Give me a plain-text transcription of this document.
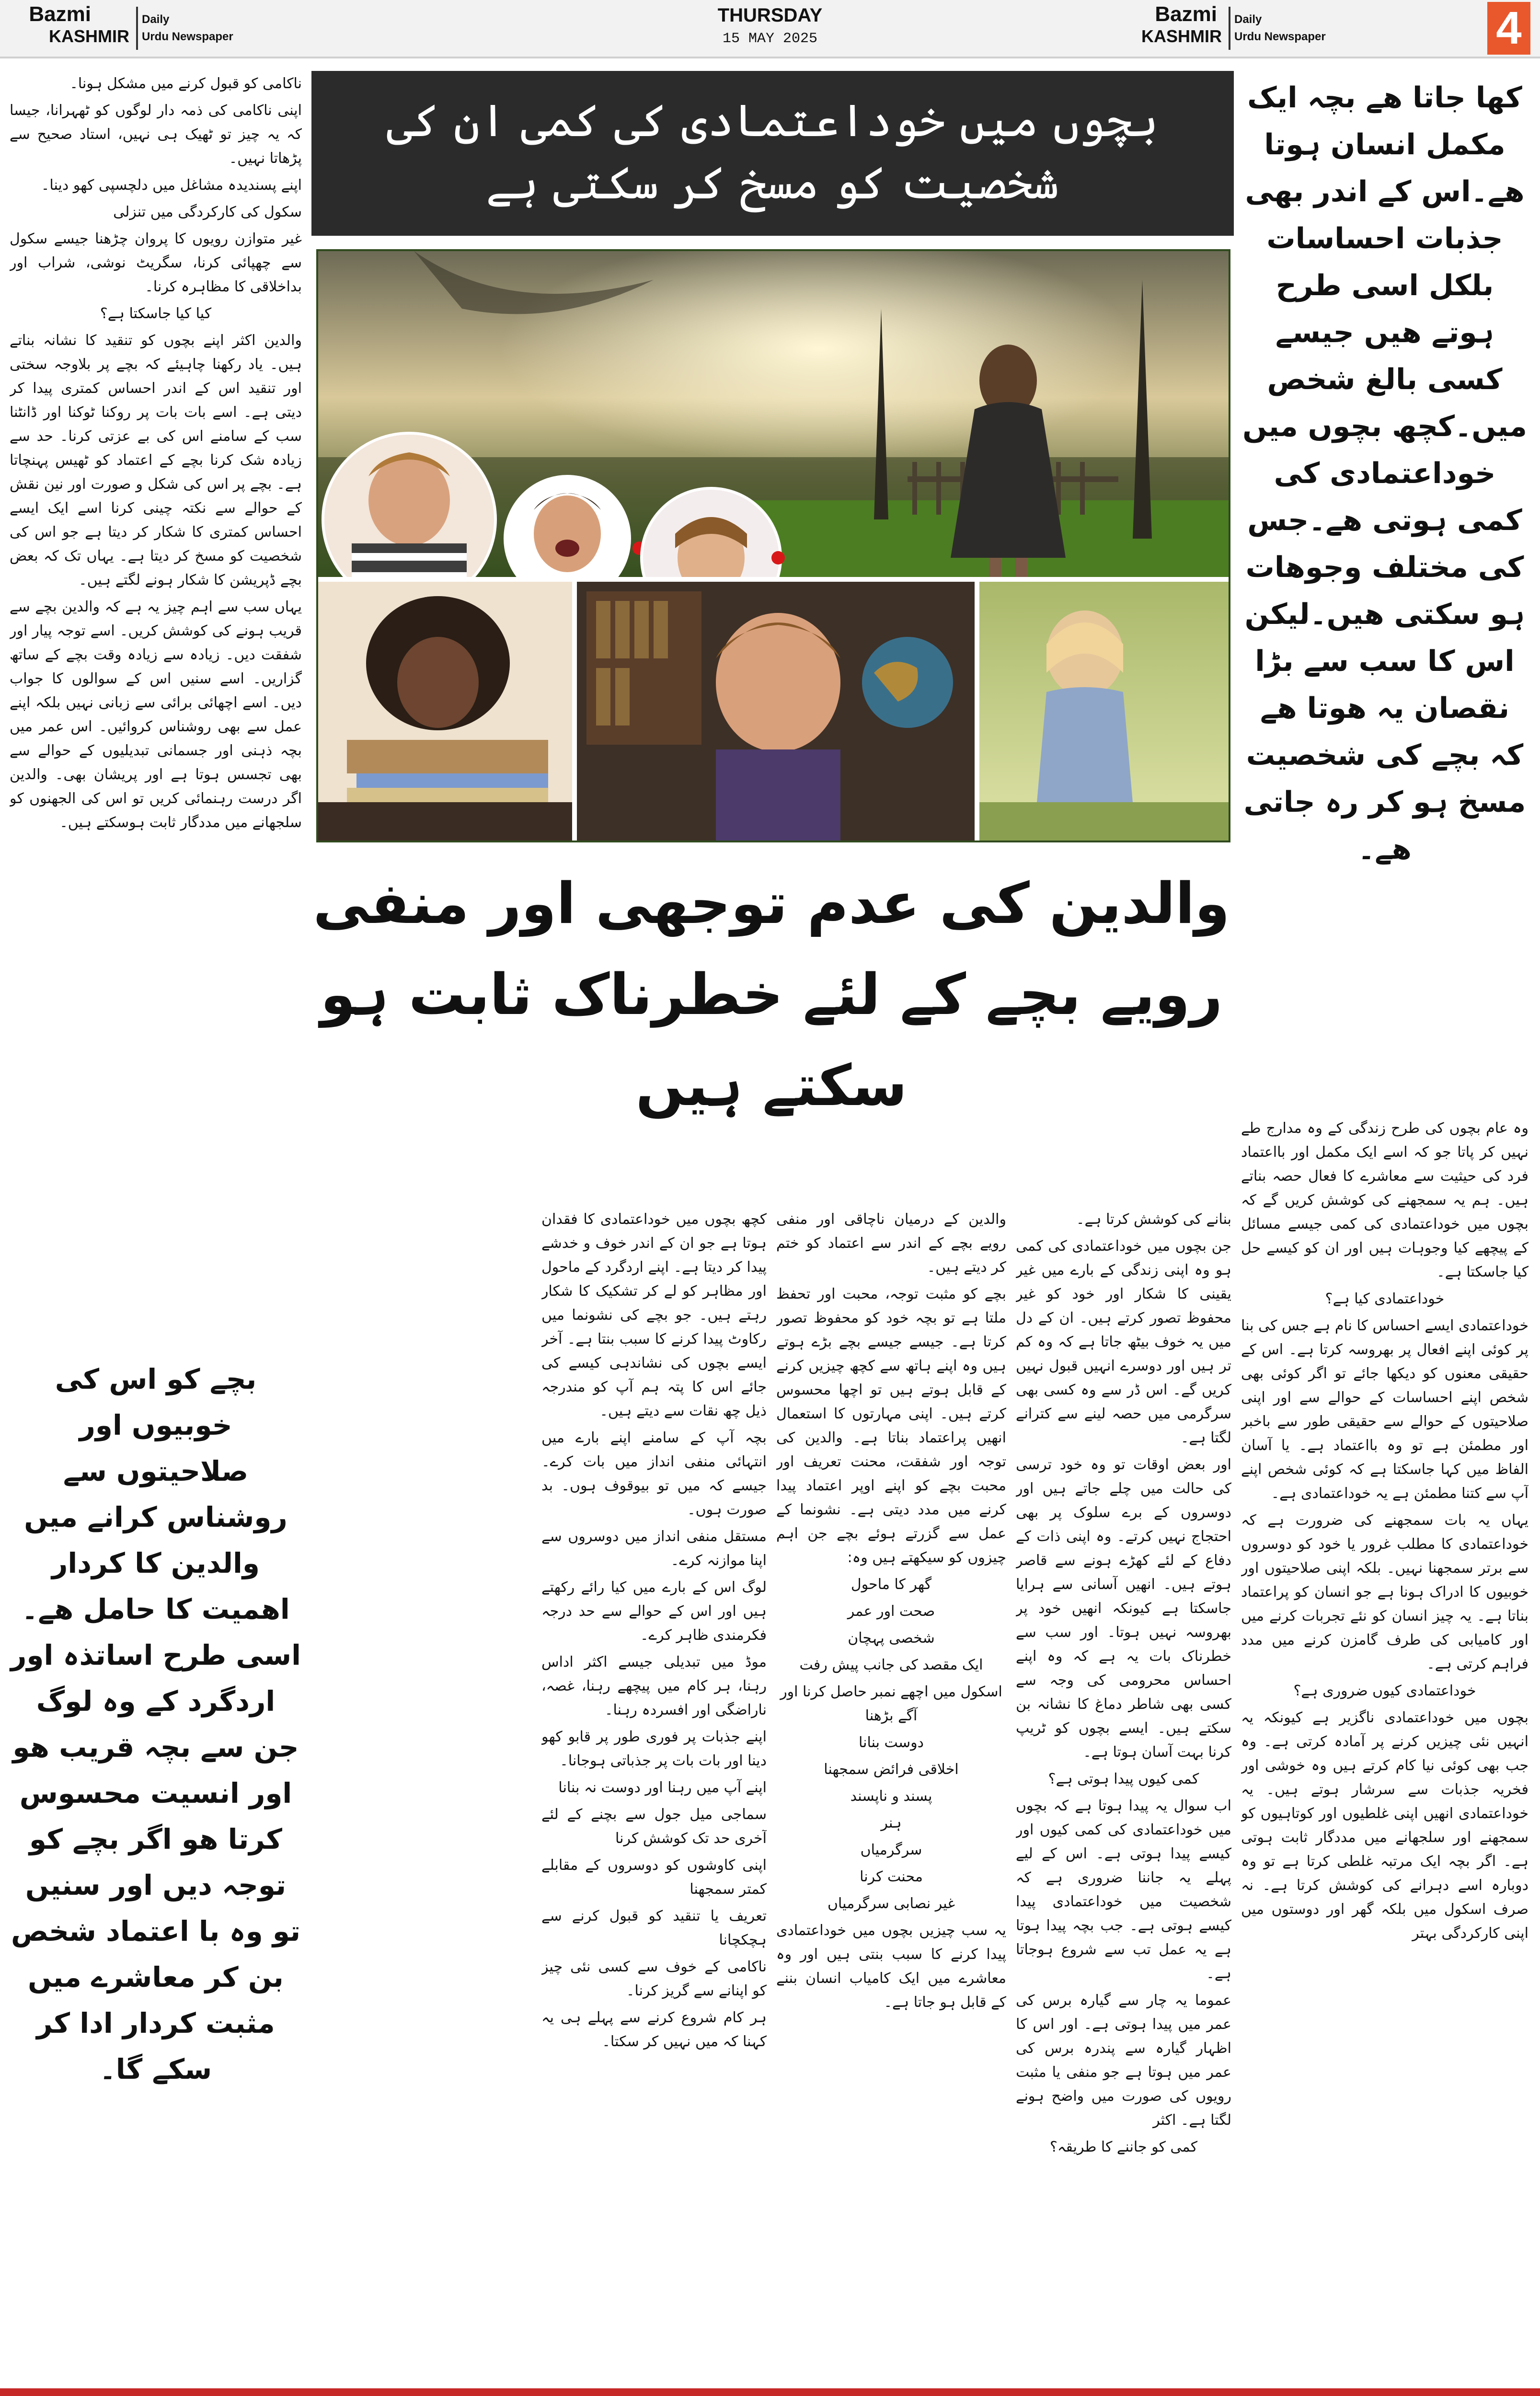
Bazmi
KASHMIR
Daily
Urdu Newspaper
THURSDAY
15 MAY 2025
Bazmi
KASHMIR
Daily
Urdu Newspaper	4
بچوں میں خوداعتمادی کی کمی ان کی شخصیت کو مسخ کر سکتی ہے
والدین کی عدم توجھی اور منفی رویے بچے کے لئے خطرناک ثابت ہو سکتے ہیں
کھا جاتا ھے بچہ ایک مکمل انسان ہوتا ھے۔اس کے اندر بھی جذبات احساسات بلکل اسی طرح ہوتے ھیں جیسے کسی بالغ شخص میں۔کچھ بچوں میں خوداعتمادی کی کمی ہوتی ھے۔جس کی مختلف وجوھات ہو سکتی ھیں۔لیکن اس کا سب سے بڑا نقصان یہ ھوتا ھے کہ بچے کی شخصیت مسخ ہو کر رہ جاتی ھے۔

وہ عام بچوں کی طرح زندگی کے وہ مدارج طے نہیں کر پاتا جو کہ اسے ایک مکمل اور بااعتماد فرد کی حیثیت سے معاشرے کا فعال حصہ بناتے ہیں۔ ہم یہ سمجھنے کی کوشش کریں گے کہ بچوں میں خوداعتمادی کی کمی جیسے مسائل کے پیچھے کیا وجوہات ہیں اور ان کو کیسے حل کیا جاسکتا ہے۔

خوداعتمادی کیا ہے؟

خوداعتمادی ایسے احساس کا نام ہے جس کی بنا پر کوئی اپنے افعال پر بھروسہ کرتا ہے۔ اس کے حقیقی معنوں کو دیکھا جائے تو اگر کوئی بھی شخص اپنے احساسات کے حوالے سے اور اپنی صلاحیتوں کے حوالے سے حقیقی طور سے باخبر اور مطمئن ہے تو وہ بااعتماد ہے۔ یا آسان الفاظ میں کہا جاسکتا ہے کہ کوئی شخص اپنے آپ سے کتنا مطمئن ہے یہ خوداعتمادی ہے۔

یہاں یہ بات سمجھنے کی ضرورت ہے کہ خوداعتمادی کا مطلب غرور یا خود کو دوسروں سے برتر سمجھنا نہیں۔ بلکہ اپنی صلاحیتوں اور خوبیوں کا ادراک ہونا ہے جو انسان کو پراعتماد بناتا ہے۔ یہ چیز انسان کو نئے تجربات کرنے میں اور کامیابی کی طرف گامزن کرنے میں مدد فراہم کرتی ہے۔

خوداعتمادی کیوں ضروری ہے؟

بچوں میں خوداعتمادی ناگزیر ہے کیونکہ یہ انہیں نئی چیزیں کرنے پر آمادہ کرتی ہے۔ وہ جب بھی کوئی نیا کام کرتے ہیں وہ خوشی اور فخریہ جذبات سے سرشار ہوتے ہیں۔ یہ خوداعتمادی انھیں اپنی غلطیوں اور کوتاہیوں کو سمجھنے اور سلجھانے میں مددگار ثابت ہوتی ہے۔ اگر بچہ ایک مرتبہ غلطی کرتا ہے تو وہ دوبارہ اسے دہرانے کی کوشش کرتا ہے۔ نہ صرف اسکول میں بلکہ گھر اور دوستوں میں اپنی کارکردگی بہتر

بنانے کی کوشش کرتا ہے۔

جن بچوں میں خوداعتمادی کی کمی ہو وہ اپنی زندگی کے بارے میں غیر یقینی کا شکار اور خود کو غیر محفوظ تصور کرتے ہیں۔ ان کے دل میں یہ خوف بیٹھ جاتا ہے کہ وہ کم تر ہیں اور دوسرے انہیں قبول نہیں کریں گے۔ اس ڈر سے وہ کسی بھی سرگرمی میں حصہ لینے سے کترانے لگتا ہے۔

اور بعض اوقات تو وہ خود ترسی کی حالت میں چلے جاتے ہیں اور دوسروں کے برے سلوک پر بھی احتجاج نہیں کرتے۔ وہ اپنی ذات کے دفاع کے لئے کھڑے ہونے سے قاصر ہوتے ہیں۔ انھیں آسانی سے ہرایا جاسکتا ہے کیونکہ انھیں خود پر بھروسہ نہیں ہوتا۔ اور سب سے خطرناک بات یہ ہے کہ وہ اپنے احساس محرومی کی وجہ سے کسی بھی شاطر دماغ کا نشانہ بن سکتے ہیں۔ ایسے بچوں کو ٹریپ کرنا بہت آسان ہوتا ہے۔

کمی کیوں پیدا ہوتی ہے؟

اب سوال یہ پیدا ہوتا ہے کہ بچوں میں خوداعتمادی کی کمی کیوں اور کیسے پیدا ہوتی ہے۔ اس کے لیے پہلے یہ جاننا ضروری ہے کہ شخصیت میں خوداعتمادی پیدا کیسے ہوتی ہے۔ جب بچہ پیدا ہوتا ہے یہ عمل تب سے شروع ہوجاتا ہے۔

عموما یہ چار سے گیارہ برس کی عمر میں پیدا ہوتی ہے۔ اور اس کا اظہار گیارہ سے پندرہ برس کی عمر میں ہوتا ہے جو منفی یا مثبت رویوں کی صورت میں واضح ہونے لگتا ہے۔ اکثر

کمی کو جاننے کا طریقہ؟

والدین کے درمیان ناچاقی اور منفی رویے بچے کے اندر سے اعتماد کو ختم کر دیتے ہیں۔

بچے کو مثبت توجہ، محبت اور تحفظ ملتا ہے تو بچہ خود کو محفوظ تصور کرتا ہے۔ جیسے جیسے بچے بڑے ہوتے ہیں وہ اپنے ہاتھ سے کچھ چیزیں کرنے کے قابل ہوتے ہیں تو اچھا محسوس کرتے ہیں۔ اپنی مہارتوں کا استعمال انھیں پراعتماد بناتا ہے۔ والدین کی توجہ اور شفقت، محنت تعریف اور محبت بچے کو اپنے اوپر اعتماد پیدا کرنے میں مدد دیتی ہے۔ نشونما کے عمل سے گزرتے ہوئے بچے جن اہم چیزوں کو سیکھتے ہیں وہ:

گھر کا ماحول

صحت اور عمر

شخصی پہچان

ایک مقصد کی جانب پیش رفت

اسکول میں اچھے نمبر حاصل کرنا اور آگے بڑھنا

دوست بنانا

اخلاقی فرائض سمجھنا

پسند و ناپسند

ہنر

سرگرمیاں

محنت کرنا

غیر نصابی سرگرمیاں

یہ سب چیزیں بچوں میں خوداعتمادی پیدا کرنے کا سبب بنتی ہیں اور وہ معاشرے میں ایک کامیاب انسان بننے کے قابل ہو جاتا ہے۔

کچھ بچوں میں خوداعتمادی کا فقدان ہوتا ہے جو ان کے اندر خوف و خدشے پیدا کر دیتا ہے۔ اپنے اردگرد کے ماحول اور مظاہر کو لے کر تشکیک کا شکار رہتے ہیں۔ جو بچے کی نشونما میں رکاوٹ پیدا کرنے کا سبب بنتا ہے۔ آخر ایسے بچوں کی نشاندہی کیسے کی جائے اس کا پتہ ہم آپ کو مندرجہ ذیل چھ نقات سے دیتے ہیں۔

بچہ آپ کے سامنے اپنے بارے میں انتہائی منفی انداز میں بات کرے۔ جیسے کہ میں تو بیوقوف ہوں۔ بد صورت ہوں۔

مستقل منفی انداز میں دوسروں سے اپنا موازنہ کرے۔

لوگ اس کے بارے میں کیا رائے رکھتے ہیں اور اس کے حوالے سے حد درجہ فکرمندی ظاہر کرے۔

موڈ میں تبدیلی جیسے اکثر اداس رہنا، ہر کام میں پیچھے رہنا، غصہ، ناراضگی اور افسردہ رہنا۔

اپنے جذبات پر فوری طور پر قابو کھو دینا اور بات بات پر جذباتی ہوجانا۔

اپنے آپ میں رہنا اور دوست نہ بنانا

سماجی میل جول سے بچنے کے لئے آخری حد تک کوشش کرنا

اپنی کاوشوں کو دوسروں کے مقابلے کمتر سمجھنا

تعریف یا تنقید کو قبول کرنے سے ہچکچانا

ناکامی کے خوف سے کسی نئی چیز کو اپنانے سے گریز کرنا۔

ہر کام شروع کرنے سے پہلے ہی یہ کہنا کہ میں نہیں کر سکتا۔

ناکامی کو قبول کرنے میں مشکل ہونا۔

اپنی ناکامی کی ذمہ دار لوگوں کو ٹھہرانا، جیسا کہ یہ چیز تو ٹھیک ہی نہیں، استاد صحیح سے پڑھاتا نہیں۔

اپنے پسندیدہ مشاغل میں دلچسپی کھو دینا۔

سکول کی کارکردگی میں تنزلی

غیر متوازن رویوں کا پروان چڑھنا جیسے سکول سے چھپائی کرنا، سگریٹ نوشی، شراب اور بداخلاقی کا مظاہرہ کرنا۔

کیا کیا جاسکتا ہے؟

والدین اکثر اپنے بچوں کو تنقید کا نشانہ بناتے ہیں۔ یاد رکھنا چاہیئے کہ بچے پر بلاوجہ سختی اور تنقید اس کے اندر احساس کمتری پیدا کر دیتی ہے۔ اسے بات بات پر روکنا ٹوکنا اور ڈانٹنا سب کے سامنے اس کی بے عزتی کرنا۔ حد سے زیادہ شک کرنا بچے کے اعتماد کو ٹھیس پہنچاتا ہے۔ بچے پر اس کی شکل و صورت اور نین نقش کے حوالے سے نکتہ چینی کرنا اسے ایک ایسے احساس کمتری کا شکار کر دیتا ہے جو اس کی شخصیت کو مسخ کر دیتا ہے۔ یہاں تک کہ بعض بچے ڈپریشن کا شکار ہونے لگتے ہیں۔

یہاں سب سے اہم چیز یہ ہے کہ والدین بچے سے قریب ہونے کی کوشش کریں۔ اسے توجہ پیار اور شفقت دیں۔ زیادہ سے زیادہ وقت بچے کے ساتھ گزاریں۔ اسے سنیں اس کے سوالوں کا جواب دیں۔ اسے اچھائی برائی سے زبانی نہیں بلکہ اپنے عمل سے بھی روشناس کروائیں۔ اس عمر میں بچہ ذہنی اور جسمانی تبدیلیوں کے حوالے سے بھی تجسس ہوتا ہے اور پریشان بھی۔ والدین اگر درست رہنمائی کریں تو اس کی الجھنوں کو سلجھانے میں مددگار ثابت ہوسکتے ہیں۔

بچے کو اس کی خوبیوں اور صلاحیتوں سے روشناس کرانے میں والدین کا کردار اھمیت کا حامل ھے۔اسی طرح اساتذہ اور اردگرد کے وہ لوگ جن سے بچہ قریب ھو اور انسیت محسوس کرتا ھو اگر بچے کو توجہ دیں اور سنیں تو وہ با اعتماد شخص بن کر معاشرے میں مثبت کردار ادا کر سکے گا۔
